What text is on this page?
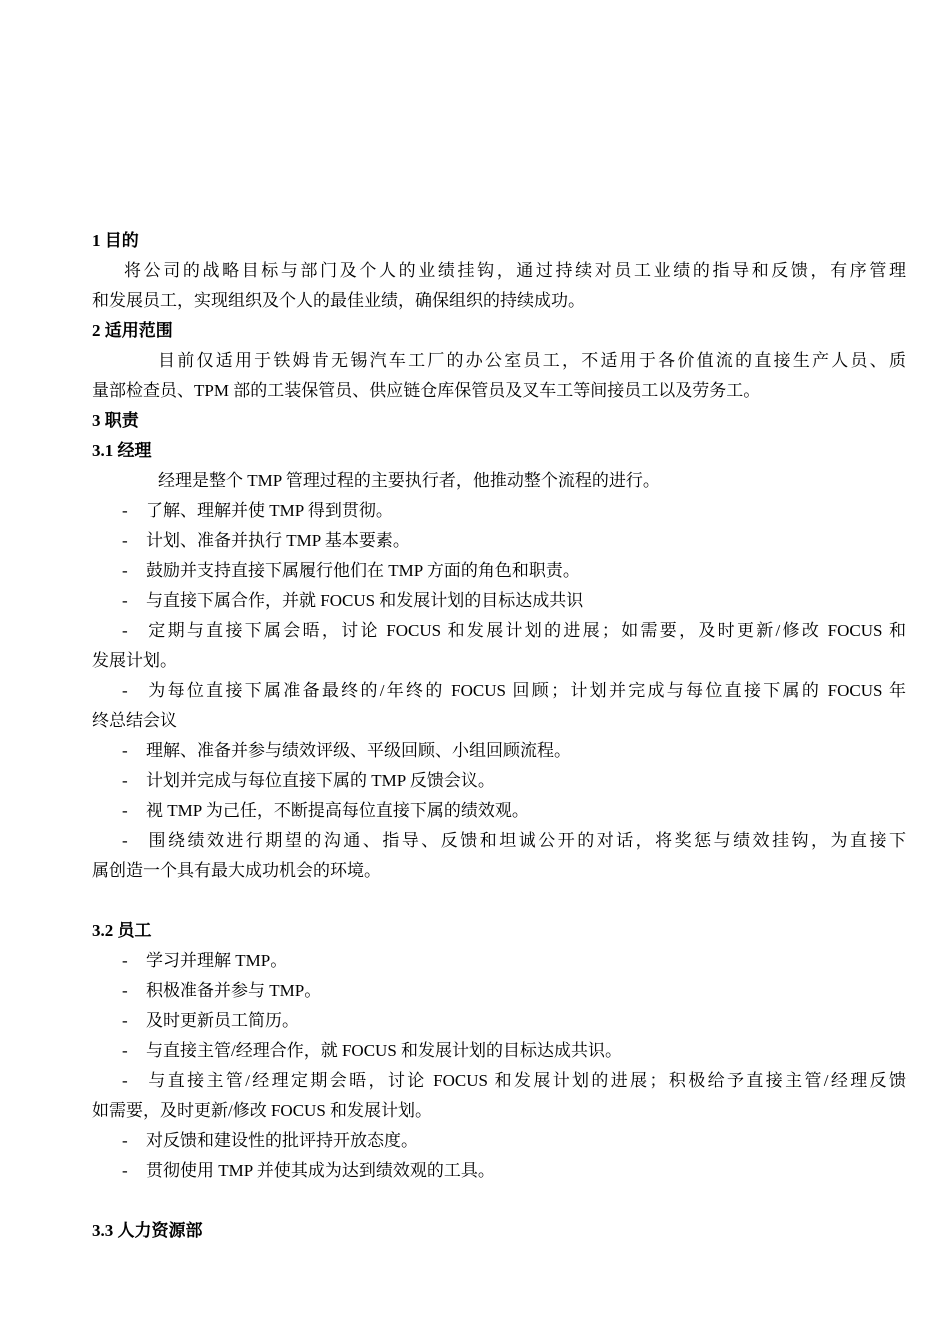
1 目的
将公司的战略目标与部门及个人的业绩挂钩，通过持续对员工业绩的指导和反馈，有序管理
和发展员工，实现组织及个人的最佳业绩，确保组织的持续成功。
2 适用范围
目前仅适用于铁姆肯无锡汽车工厂的办公室员工，不适用于各价值流的直接生产人员、质
量部检查员、TPM 部的工装保管员、供应链仓库保管员及叉车工等间接员工以及劳务工。
3 职责
3.1 经理
经理是整个 TMP 管理过程的主要执行者，他推动整个流程的进行。
- 了解、理解并使 TMP 得到贯彻。
- 计划、准备并执行 TMP 基本要素。
- 鼓励并支持直接下属履行他们在 TMP 方面的角色和职责。
- 与直接下属合作，并就 FOCUS 和发展计划的目标达成共识
- 定期与直接下属会晤，讨论 FOCUS 和发展计划的进展；如需要，及时更新/修改 FOCUS 和
发展计划。
- 为每位直接下属准备最终的/年终的 FOCUS 回顾；计划并完成与每位直接下属的 FOCUS 年
终总结会议
- 理解、准备并参与绩效评级、平级回顾、小组回顾流程。
- 计划并完成与每位直接下属的 TMP 反馈会议。
- 视 TMP 为己任，不断提高每位直接下属的绩效观。
- 围绕绩效进行期望的沟通、指导、反馈和坦诚公开的对话，将奖惩与绩效挂钩，为直接下
属创造一个具有最大成功机会的环境。
3.2 员工
- 学习并理解 TMP。
- 积极准备并参与 TMP。
- 及时更新员工简历。
- 与直接主管/经理合作，就 FOCUS 和发展计划的目标达成共识。
- 与直接主管/经理定期会晤，讨论 FOCUS 和发展计划的进展；积极给予直接主管/经理反馈
如需要，及时更新/修改 FOCUS 和发展计划。
- 对反馈和建设性的批评持开放态度。
- 贯彻使用 TMP 并使其成为达到绩效观的工具。
3.3 人力资源部
